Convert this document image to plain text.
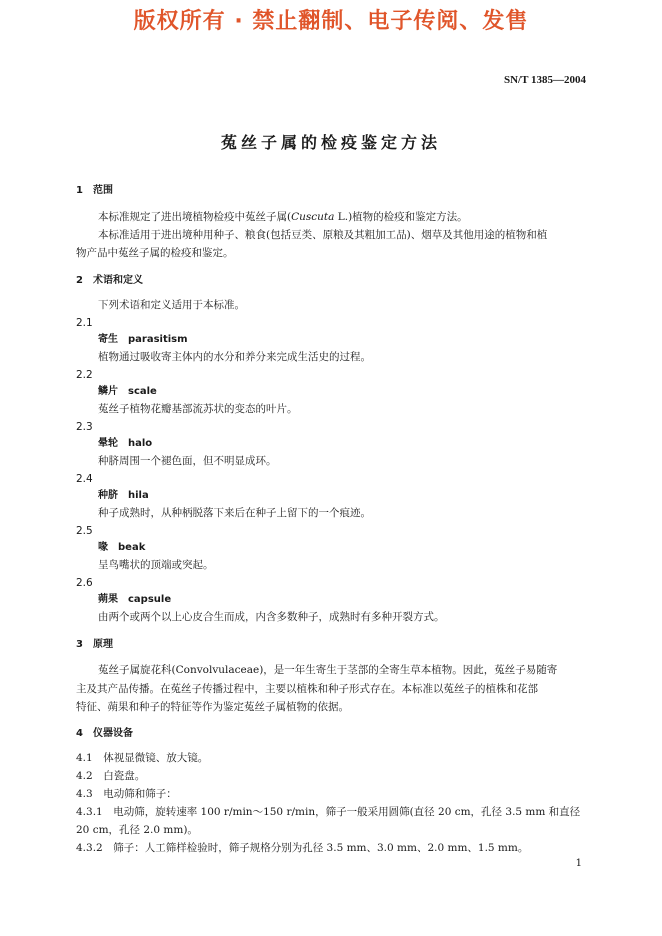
版权所有 · 禁止翻制、电子传阅、发售
SN/T 1385—2004
菟丝子属的检疫鉴定方法
1　范围
本标准规定了进出境植物检疫中菟丝子属(Cuscuta L.)植物的检疫和鉴定方法。
本标准适用于进出境种用种子、粮食(包括豆类、原粮及其粗加工品)、烟草及其他用途的植物和植
物产品中菟丝子属的检疫和鉴定。
2　术语和定义
下列术语和定义适用于本标准。
2.1
寄生　parasitism
植物通过吸收寄主体内的水分和养分来完成生活史的过程。
2.2
鳞片　scale
菟丝子植物花瓣基部流苏状的变态的叶片。
2.3
晕轮　halo
种脐周围一个褪色面，但不明显成环。
2.4
种脐　hila
种子成熟时，从种柄脱落下来后在种子上留下的一个痕迹。
2.5
喙　beak
呈鸟嘴状的顶端或突起。
2.6
蒴果　capsule
由两个或两个以上心皮合生而成，内含多数种子，成熟时有多种开裂方式。
3　原理
菟丝子属旋花科(Convolvulaceae)，是一年生寄生于茎部的全寄生草本植物。因此，菟丝子易随寄
主及其产品传播。在菟丝子传播过程中，主要以植株和种子形式存在。本标准以菟丝子的植株和花部
特征、蒴果和种子的特征等作为鉴定菟丝子属植物的依据。
4　仪器设备
4.1　体视显微镜、放大镜。
4.2　白瓷盘。
4.3　电动筛和筛子：
4.3.1　电动筛，旋转速率 100 r/min～150 r/min，筛子一般采用圆筛(直径 20 cm，孔径 3.5 mm 和直径
20 cm，孔径 2.0 mm)。
4.3.2　筛子：人工筛样检验时，筛子规格分别为孔径 3.5 mm、3.0 mm、2.0 mm、1.5 mm。
1
